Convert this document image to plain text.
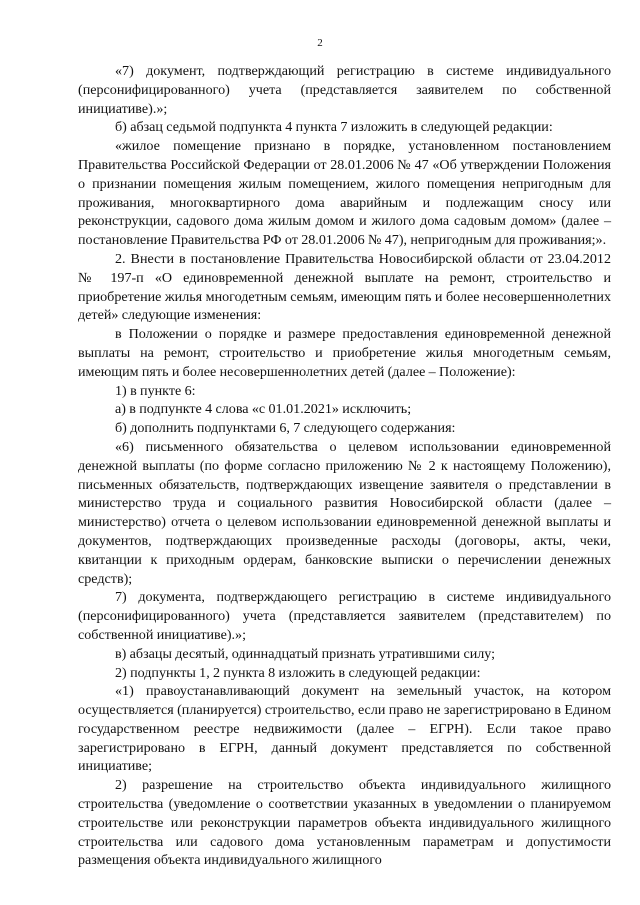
2

«7) документ, подтверждающий регистрацию в системе индивидуального (персонифицированного) учета (представляется заявителем по собственной инициативе).»;

б) абзац седьмой подпункта 4 пункта 7 изложить в следующей редакции:

«жилое помещение признано в порядке, установленном постановлением Правительства Российской Федерации от 28.01.2006 № 47 «Об утверждении Положения о признании помещения жилым помещением, жилого помещения непригодным для проживания, многоквартирного дома аварийным и подлежащим сносу или реконструкции, садового дома жилым домом и жилого дома садовым домом» (далее – постановление Правительства РФ от 28.01.2006 № 47), непригодным для проживания;».

2. Внести в постановление Правительства Новосибирской области от 23.04.2012 № 197-п «О единовременной денежной выплате на ремонт, строительство и приобретение жилья многодетным семьям, имеющим пять и более несовершеннолетних детей» следующие изменения:

в Положении о порядке и размере предоставления единовременной денежной выплаты на ремонт, строительство и приобретение жилья многодетным семьям, имеющим пять и более несовершеннолетних детей (далее – Положение):

1) в пункте 6:

а) в подпункте 4 слова «с 01.01.2021» исключить;

б) дополнить подпунктами 6, 7 следующего содержания:

«6) письменного обязательства о целевом использовании единовременной денежной выплаты (по форме согласно приложению № 2 к настоящему Положению), письменных обязательств, подтверждающих извещение заявителя о представлении в министерство труда и социального развития Новосибирской области (далее – министерство) отчета о целевом использовании единовременной денежной выплаты и документов, подтверждающих произведенные расходы (договоры, акты, чеки, квитанции к приходным ордерам, банковские выписки о перечислении денежных средств);

7) документа, подтверждающего регистрацию в системе индивидуального (персонифицированного) учета (представляется заявителем (представителем) по собственной инициативе).»;

в) абзацы десятый, одиннадцатый признать утратившими силу;

2) подпункты 1, 2 пункта 8 изложить в следующей редакции:

«1) правоустанавливающий документ на земельный участок, на котором осуществляется (планируется) строительство, если право не зарегистрировано в Едином государственном реестре недвижимости (далее – ЕГРН). Если такое право зарегистрировано в ЕГРН, данный документ представляется по собственной инициативе;

2) разрешение на строительство объекта индивидуального жилищного строительства (уведомление о соответствии указанных в уведомлении о планируемом строительстве или реконструкции параметров объекта индивидуального жилищного строительства или садового дома установленным параметрам и допустимости размещения объекта индивидуального жилищного
